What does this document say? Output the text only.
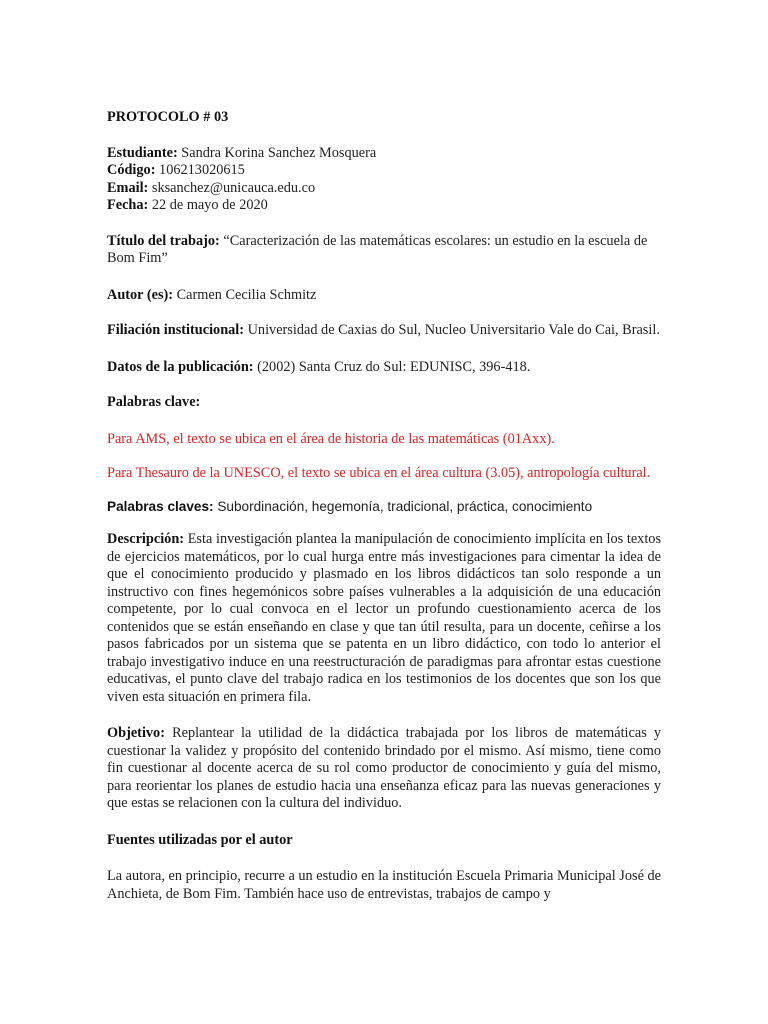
PROTOCOLO # 03

Estudiante: Sandra Korina Sanchez Mosquera
Código: 106213020615
Email: sksanchez@unicauca.edu.co
Fecha: 22 de mayo de 2020
Título del trabajo: “Caracterización de las matemáticas escolares: un estudio en la escuela de Bom Fim”
Autor (es): Carmen Cecilia Schmitz
Filiación institucional: Universidad de Caxias do Sul, Nucleo Universitario Vale do Cai, Brasil.
Datos de la publicación: (2002) Santa Cruz do Sul: EDUNISC, 396-418.
Palabras clave:
Para AMS, el texto se ubica en el área de historia de las matemáticas (01Axx).
Para Thesauro de la UNESCO, el texto se ubica en el área cultura (3.05), antropología cultural.
Palabras claves: Subordinación, hegemonía, tradicional, práctica, conocimiento
Descripción: Esta investigación plantea la manipulación de conocimiento implícita en los textos de ejercicios matemáticos, por lo cual hurga entre más investigaciones para cimentar la idea de que el conocimiento producido y plasmado en los libros didácticos tan solo responde a un instructivo con fines hegemónicos sobre países vulnerables a la adquisición de una educación competente, por lo cual convoca en el lector un profundo cuestionamiento acerca de los contenidos que se están enseñando en clase y que tan útil resulta, para un docente, ceñirse a los pasos fabricados por un sistema que se patenta en un libro didáctico, con todo lo anterior el trabajo investigativo induce en una reestructuración de paradigmas para afrontar estas cuestione educativas, el punto clave del trabajo radica en los testimonios de los docentes que son los que viven esta situación en primera fila.
Objetivo: Replantear la utilidad de la didáctica trabajada por los libros de matemáticas y cuestionar la validez y propósito del contenido brindado por el mismo. Así mismo, tiene como fin cuestionar al docente acerca de su rol como productor de conocimiento y guía del mismo, para reorientar los planes de estudio hacia una enseñanza eficaz para las nuevas generaciones y que estas se relacionen con la cultura del individuo.
Fuentes utilizadas por el autor
La autora, en principio, recurre a un estudio en la institución Escuela Primaria Municipal José de Anchieta, de Bom Fim. También hace uso de entrevistas, trabajos de campo y
